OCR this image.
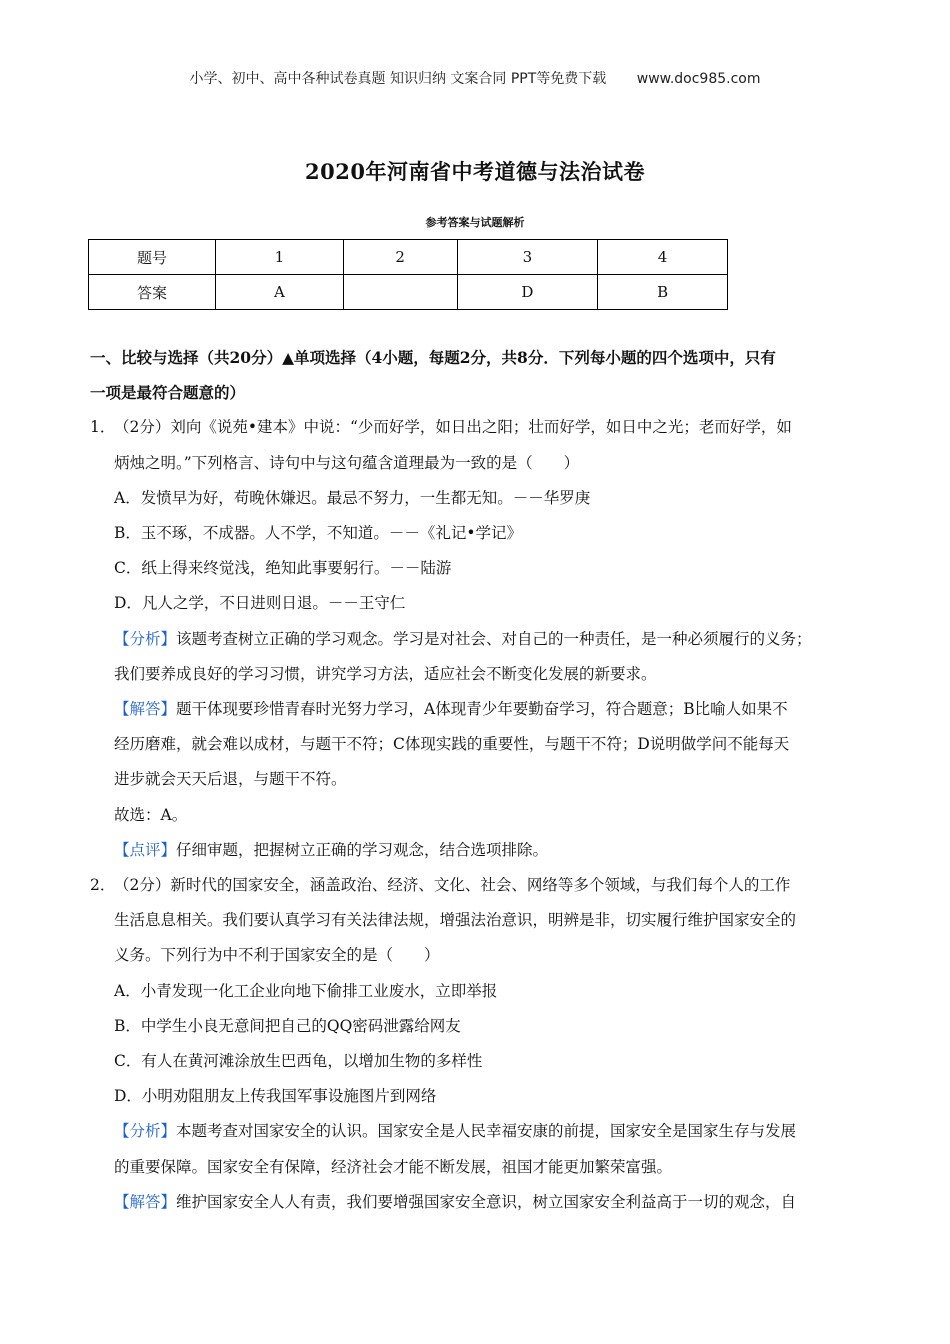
小学、初中、高中各种试卷真题 知识归纳 文案合同 PPT等免费下载 www.doc985.com
2020年河南省中考道德与法治试卷
参考答案与试题解析
题号	1	2	3	4
答案	A		D	B

一、比较与选择（共20分）▲单项选择（4小题，每题2分，共8分．下列每小题的四个选项中，只有
一项是最符合题意的）

1．（2分）刘向《说苑•建本》中说：“少而好学，如日出之阳；壮而好学，如日中之光；老而好学，如

炳烛之明。”下列格言、诗句中与这句蕴含道理最为一致的是（　　）

A．发愤早为好，苟晚休嫌迟。最忌不努力，一生都无知。－－华罗庚

B．玉不琢，不成器。人不学，不知道。－－《礼记•学记》

C．纸上得来终觉浅，绝知此事要躬行。－－陆游

D．凡人之学，不日进则日退。－－王守仁

【分析】该题考查树立正确的学习观念。学习是对社会、对自己的一种责任，是一种必须履行的义务；

我们要养成良好的学习习惯，讲究学习方法，适应社会不断变化发展的新要求。

【解答】题干体现要珍惜青春时光努力学习，A体现青少年要勤奋学习，符合题意；B比喻人如果不

经历磨难，就会难以成材，与题干不符；C体现实践的重要性，与题干不符；D说明做学问不能每天

进步就会天天后退，与题干不符。

故选：A。

【点评】仔细审题，把握树立正确的学习观念，结合选项排除。

2．（2分）新时代的国家安全，涵盖政治、经济、文化、社会、网络等多个领域，与我们每个人的工作

生活息息相关。我们要认真学习有关法律法规，增强法治意识，明辨是非，切实履行维护国家安全的

义务。下列行为中不利于国家安全的是（　　）

A．小青发现一化工企业向地下偷排工业废水，立即举报

B．中学生小良无意间把自己的QQ密码泄露给网友

C．有人在黄河滩涂放生巴西龟，以增加生物的多样性

D．小明劝阻朋友上传我国军事设施图片到网络

【分析】本题考查对国家安全的认识。国家安全是人民幸福安康的前提，国家安全是国家生存与发展

的重要保障。国家安全有保障，经济社会才能不断发展，祖国才能更加繁荣富强。

【解答】维护国家安全人人有责，我们要增强国家安全意识，树立国家安全利益高于一切的观念，自
